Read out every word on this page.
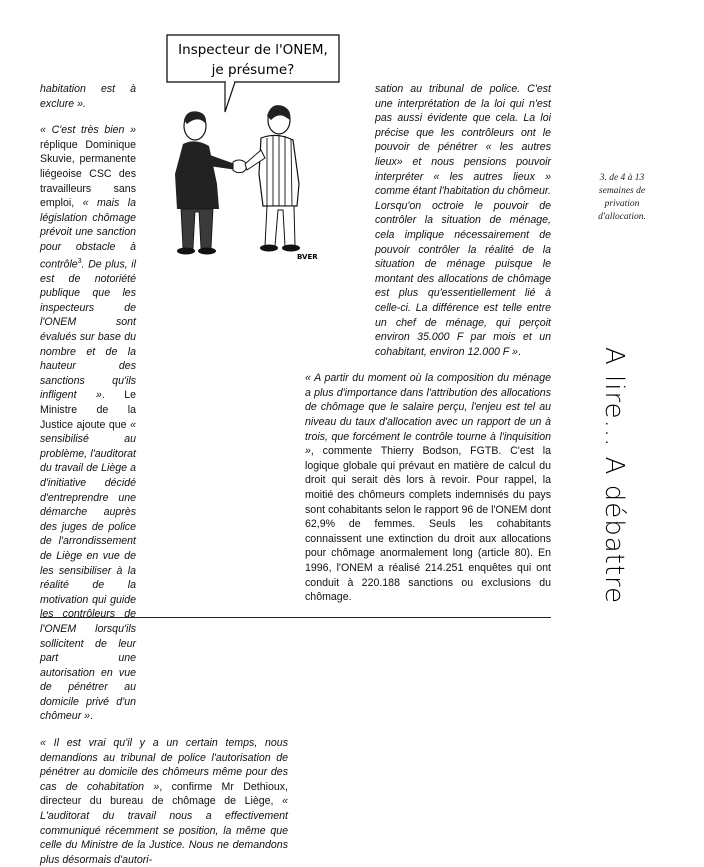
Inspecteur de l'ONEM,
je présume?
BVER

habitation est à exclure ».

« C'est très bien » réplique Dominique Skuvie, permanente liégeoise CSC des travailleurs sans emploi, « mais la législation chômage prévoit une sanction pour obstacle à contrôle$^3$. De plus, il est de notoriété publique que les inspecteurs de l'ONEM sont évalués sur base du nombre et de la hauteur des sanctions qu'ils infligent ». Le Ministre de la Justice ajoute que « sensibilisé au problème, l'auditorat du travail de Liège a d'initiative décidé d'entreprendre une démarche auprès des juges de police de l'arrondissement de Liège en vue de les sensibiliser à la réalité de la motivation qui guide les contrôleurs de l'ONEM lorsqu'ils sollicitent de leur part une autorisation en vue de pénétrer au domicile privé d'un chômeur ».

« Il est vrai qu'il y a un certain temps, nous demandions au tribunal de police l'autorisation de pénétrer au domicile des chômeurs même pour des cas de cohabitation », confirme Mr Dethioux, directeur du bureau de chômage de Liège, « L'auditorat du travail nous a effectivement communiqué récemment se position, la même que celle du Ministre de la Justice. Nous ne demandons plus désormais d'autori-

sation au tribunal de police. C'est une interprétation de la loi qui n'est pas aussi évidente que cela. La loi précise que les contrôleurs ont le pouvoir de pénétrer « les autres lieux» et nous pensions pouvoir interpréter « les autres lieux » comme étant l'habitation du chômeur. Lorsqu'on octroie le pouvoir de contrôler la situation de ménage, cela implique nécessairement de pouvoir contrôler la réalité de la situation de ménage puisque le montant des allocations de chômage est plus qu'essentiellement lié à celle-ci. La différence est telle entre un chef de ménage, qui perçoit environ 35.000 F par mois et un cohabitant, environ 12.000 F ».

« A partir du moment où la composition du ménage a plus d'importance dans l'attribution des allocations de chômage que le salaire perçu, l'enjeu est tel au niveau du taux d'allocation avec un rapport de un à trois, que forcément le contrôle tourne à l'inquisition », commente Thierry Bodson, FGTB. C'est la logique globale qui prévaut en matière de calcul du droit qui serait dès lors à revoir. Pour rappel, la moitié des chômeurs complets indemnisés du pays sont cohabitants selon le rapport 96 de l'ONEM dont 62,9% de femmes. Seuls les cohabitants connaissent une extinction du droit aux allocations pour chômage anormalement long (article 80). En 1996, l'ONEM a réalisé 214.251 enquêtes qui ont conduit à 220.188 sanctions ou exclusions du chômage.

3. de 4 à 13
semaines de
privation
d'allocation.
A lire... A débattre
